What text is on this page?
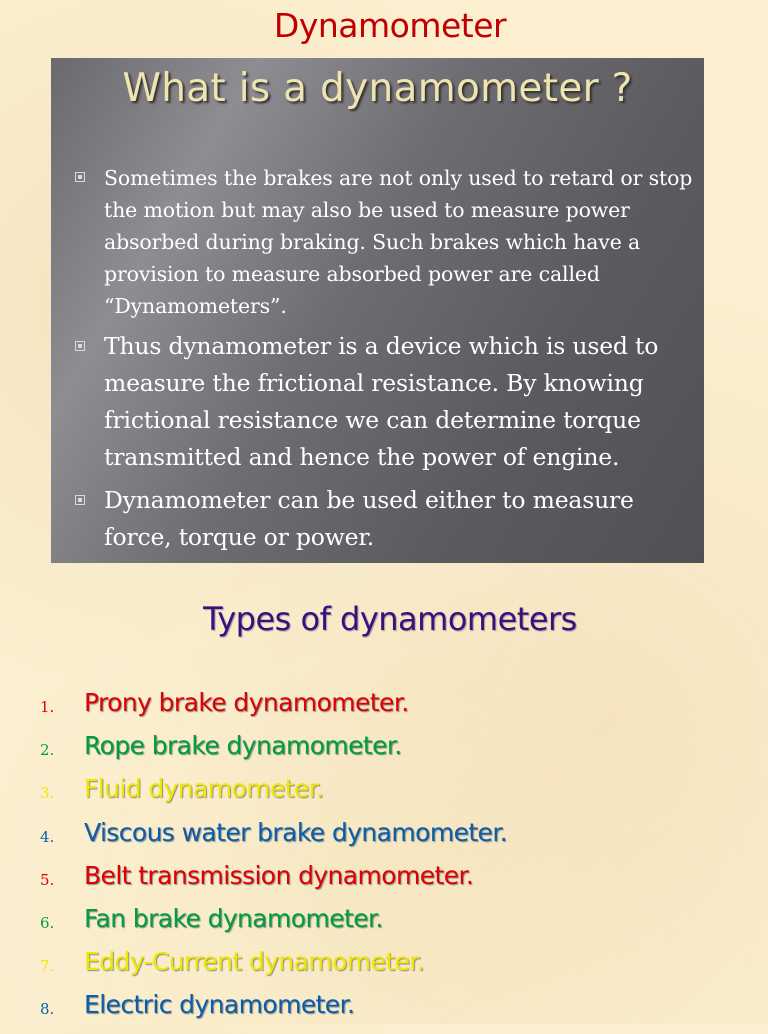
Dynamometer
What is a dynamometer ?

Sometimes the brakes are not only used to retard or stop the motion but may also be used to measure power absorbed during braking. Such brakes which have a provision to measure absorbed power are called “Dynamometers”.

Thus dynamometer is a device which is used to measure the frictional resistance. By knowing frictional resistance we can determine torque transmitted and hence the power of engine.

Dynamometer can be used either to measure force, torque or power.

Types of dynamometers
1. Prony brake dynamometer.
2. Rope brake dynamometer.
3. Fluid dynamometer.
4. Viscous water brake dynamometer.
5. Belt transmission dynamometer.
6. Fan brake dynamometer.
7. Eddy-Current dynamometer.
8. Electric dynamometer.
